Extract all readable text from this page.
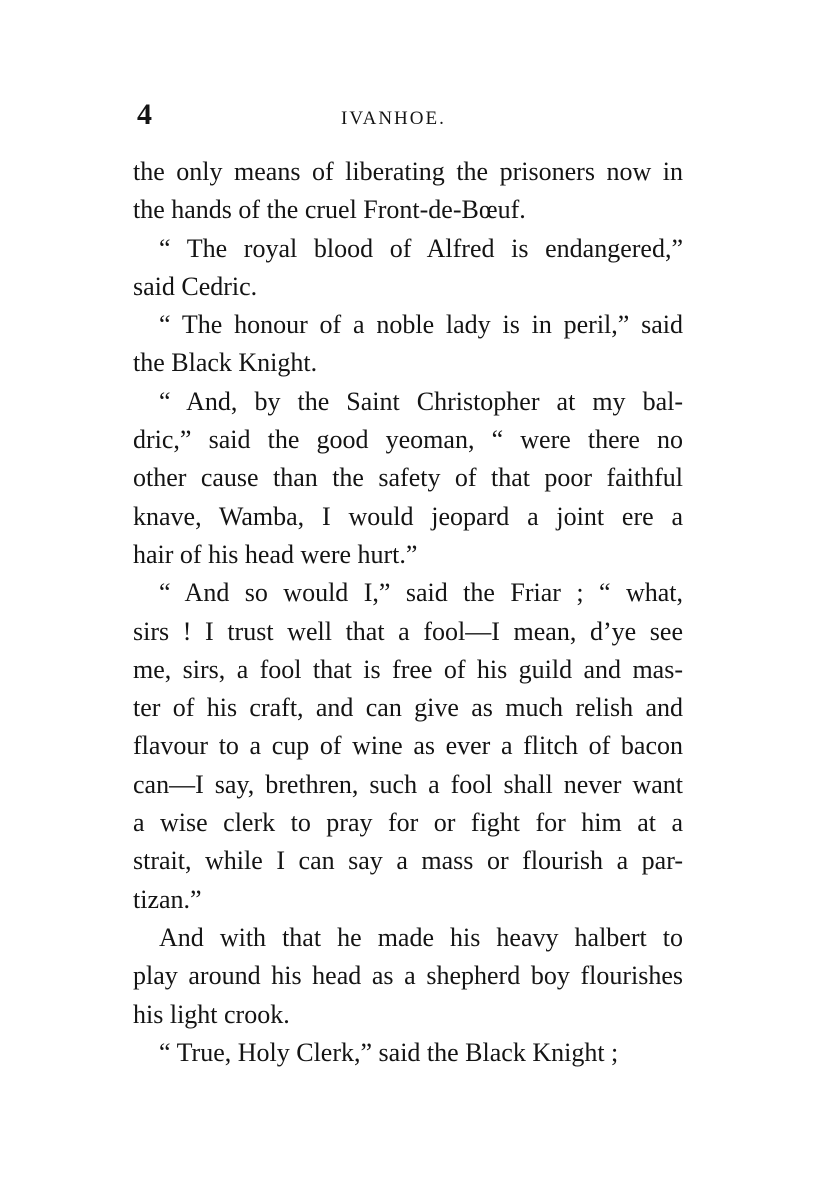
4	IVANHOE.

the only means of liberating the prisoners now in
the hands of the cruel Front-de-Bœuf.

“ The royal blood of Alfred is endangered,”
said Cedric.

“ The honour of a noble lady is in peril,” said
the Black Knight.

“ And, by the Saint Christopher at my bal-
dric,” said the good yeoman, “ were there no
other cause than the safety of that poor faithful
knave, Wamba, I would jeopard a joint ere a
hair of his head were hurt.”

“ And so would I,” said the Friar ; “ what,
sirs ! I trust well that a fool—I mean, d’ye see
me, sirs, a fool that is free of his guild and mas-
ter of his craft, and can give as much relish and
flavour to a cup of wine as ever a flitch of bacon
can—I say, brethren, such a fool shall never want
a wise clerk to pray for or fight for him at a
strait, while I can say a mass or flourish a par-
tizan.”

And with that he made his heavy halbert to
play around his head as a shepherd boy flourishes
his light crook.

“ True, Holy Clerk,” said the Black Knight ;
